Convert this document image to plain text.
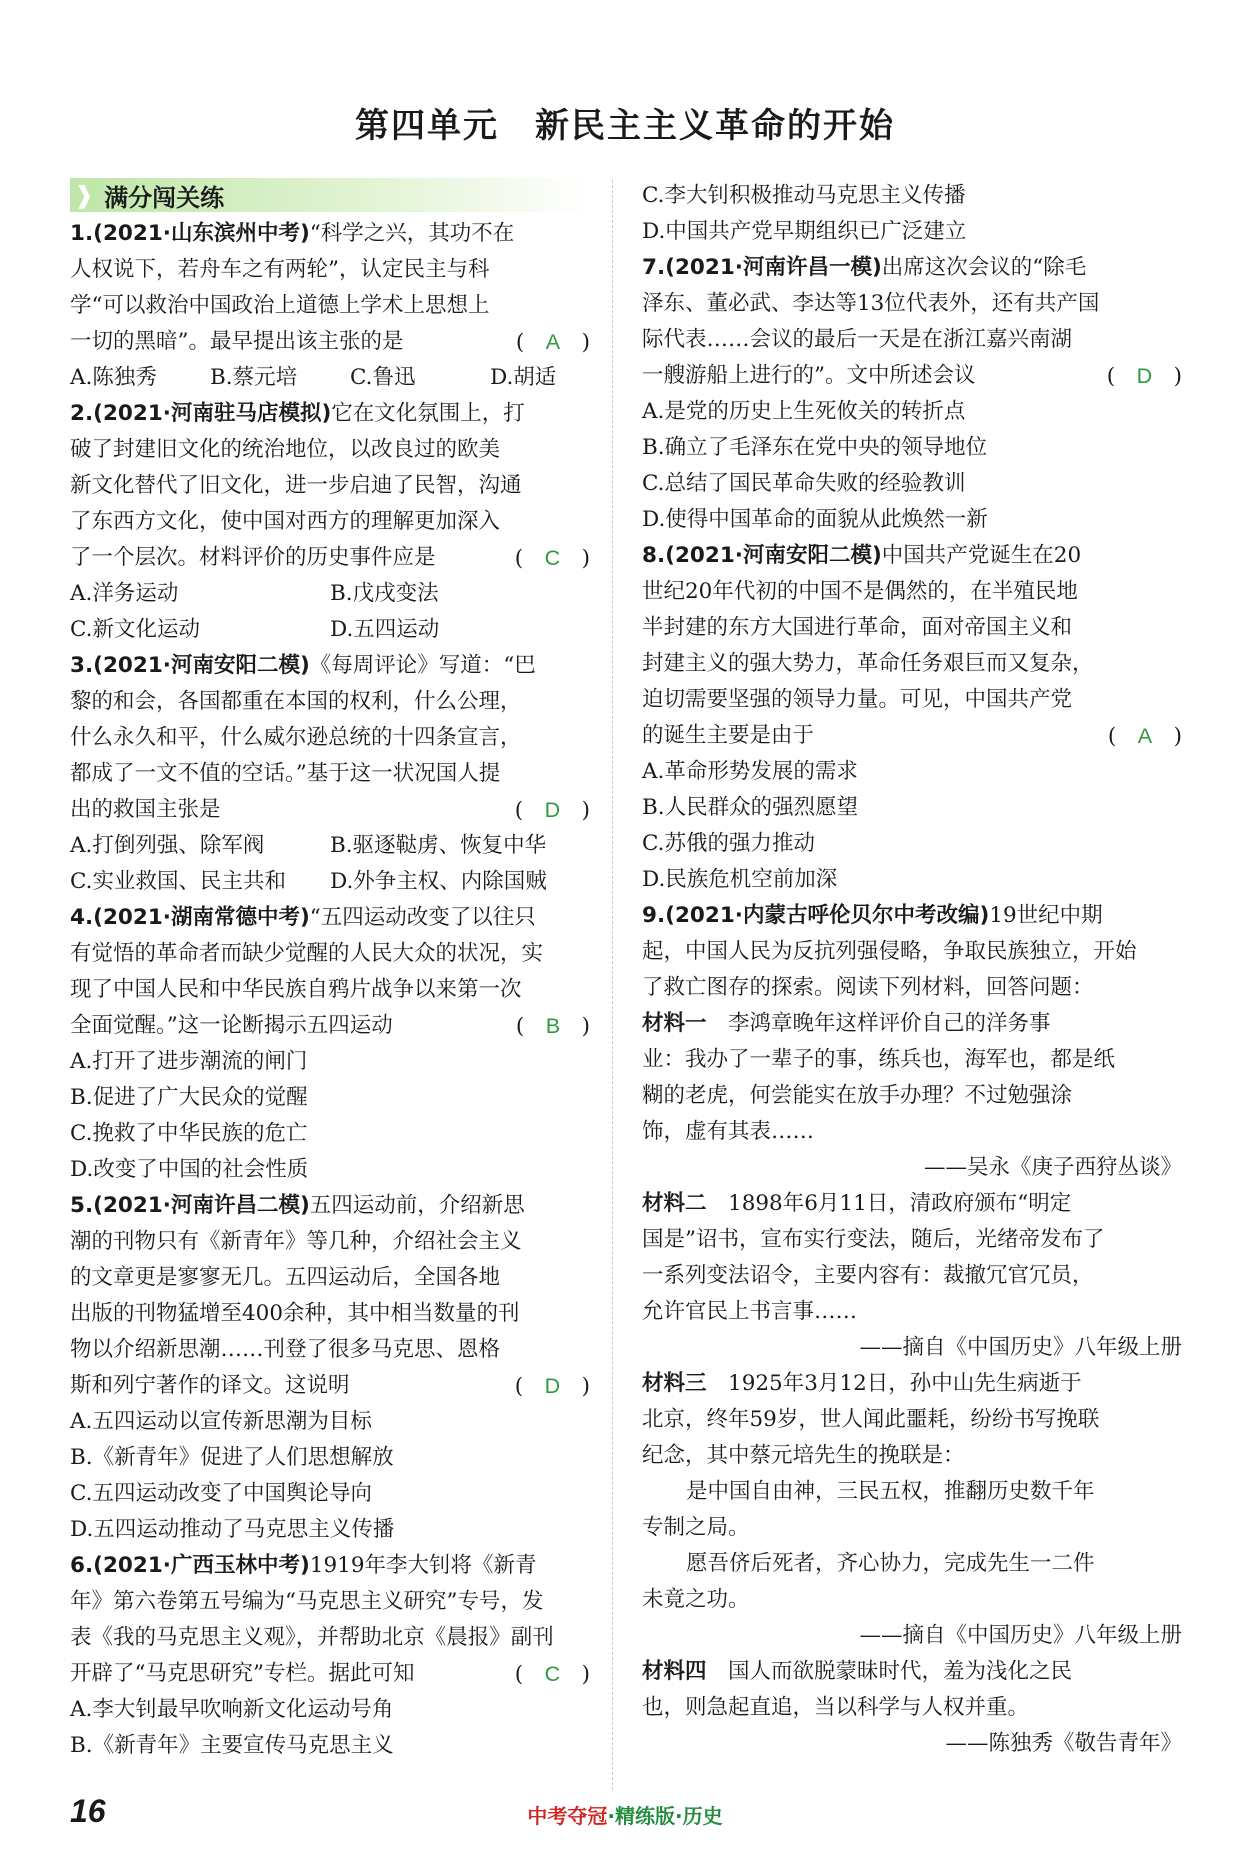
第四单元　新民主主义革命的开始
❱ 满分闯关练
1.(2021·山东滨州中考)“科学之兴，其功不在
人权说下，若舟车之有两轮”，认定民主与科
学“可以救治中国政治上道德上学术上思想上
一切的黑暗”。最早提出该主张的是	(　A　)
A.陈独秀	B.蔡元培	C.鲁迅	D.胡适
2.(2021·河南驻马店模拟)它在文化氛围上，打
破了封建旧文化的统治地位，以改良过的欧美
新文化替代了旧文化，进一步启迪了民智，沟通
了东西方文化，使中国对西方的理解更加深入
了一个层次。材料评价的历史事件应是	(　C　)
A.洋务运动	B.戊戌变法
C.新文化运动	D.五四运动
3.(2021·河南安阳二模)《每周评论》写道：“巴
黎的和会，各国都重在本国的权利，什么公理，
什么永久和平，什么威尔逊总统的十四条宣言，
都成了一文不值的空话。”基于这一状况国人提
出的救国主张是	(　D　)
A.打倒列强、除军阀	B.驱逐鞑虏、恢复中华
C.实业救国、民主共和	D.外争主权、内除国贼
4.(2021·湖南常德中考)“五四运动改变了以往只
有觉悟的革命者而缺少觉醒的人民大众的状况，实
现了中国人民和中华民族自鸦片战争以来第一次
全面觉醒。”这一论断揭示五四运动	(　B　)
A.打开了进步潮流的闸门
B.促进了广大民众的觉醒
C.挽救了中华民族的危亡
D.改变了中国的社会性质
5.(2021·河南许昌二模)五四运动前，介绍新思
潮的刊物只有《新青年》等几种，介绍社会主义
的文章更是寥寥无几。五四运动后，全国各地
出版的刊物猛增至400余种，其中相当数量的刊
物以介绍新思潮……刊登了很多马克思、恩格
斯和列宁著作的译文。这说明	(　D　)
A.五四运动以宣传新思潮为目标
B.《新青年》促进了人们思想解放
C.五四运动改变了中国舆论导向
D.五四运动推动了马克思主义传播
6.(2021·广西玉林中考)1919年李大钊将《新青
年》第六卷第五号编为“马克思主义研究”专号，发
表《我的马克思主义观》，并帮助北京《晨报》副刊
开辟了“马克思研究”专栏。据此可知	(　C　)
A.李大钊最早吹响新文化运动号角
B.《新青年》主要宣传马克思主义
C.李大钊积极推动马克思主义传播
D.中国共产党早期组织已广泛建立
7.(2021·河南许昌一模)出席这次会议的“除毛
泽东、董必武、李达等13位代表外，还有共产国
际代表……会议的最后一天是在浙江嘉兴南湖
一艘游船上进行的”。文中所述会议	(　D　)
A.是党的历史上生死攸关的转折点
B.确立了毛泽东在党中央的领导地位
C.总结了国民革命失败的经验教训
D.使得中国革命的面貌从此焕然一新
8.(2021·河南安阳二模)中国共产党诞生在20
世纪20年代初的中国不是偶然的，在半殖民地
半封建的东方大国进行革命，面对帝国主义和
封建主义的强大势力，革命任务艰巨而又复杂，
迫切需要坚强的领导力量。可见，中国共产党
的诞生主要是由于	(　A　)
A.革命形势发展的需求
B.人民群众的强烈愿望
C.苏俄的强力推动
D.民族危机空前加深
9.(2021·内蒙古呼伦贝尔中考改编)19世纪中期
起，中国人民为反抗列强侵略，争取民族独立，开始
了救亡图存的探索。阅读下列材料，回答问题：
材料一　李鸿章晚年这样评价自己的洋务事
业：我办了一辈子的事，练兵也，海军也，都是纸
糊的老虎，何尝能实在放手办理？不过勉强涂
饰，虚有其表……
——吴永《庚子西狩丛谈》
材料二　1898年6月11日，清政府颁布“明定
国是”诏书，宣布实行变法，随后，光绪帝发布了
一系列变法诏令，主要内容有：裁撤冗官冗员，
允许官民上书言事……
——摘自《中国历史》八年级上册
材料三　1925年3月12日，孙中山先生病逝于
北京，终年59岁，世人闻此噩耗，纷纷书写挽联
纪念，其中蔡元培先生的挽联是：
是中国自由神，三民五权，推翻历史数千年
专制之局。
愿吾侪后死者，齐心协力，完成先生一二件
未竟之功。
——摘自《中国历史》八年级上册
材料四　国人而欲脱蒙昧时代，羞为浅化之民
也，则急起直追，当以科学与人权并重。
——陈独秀《敬告青年》
16	中考夺冠·精练版·历史
